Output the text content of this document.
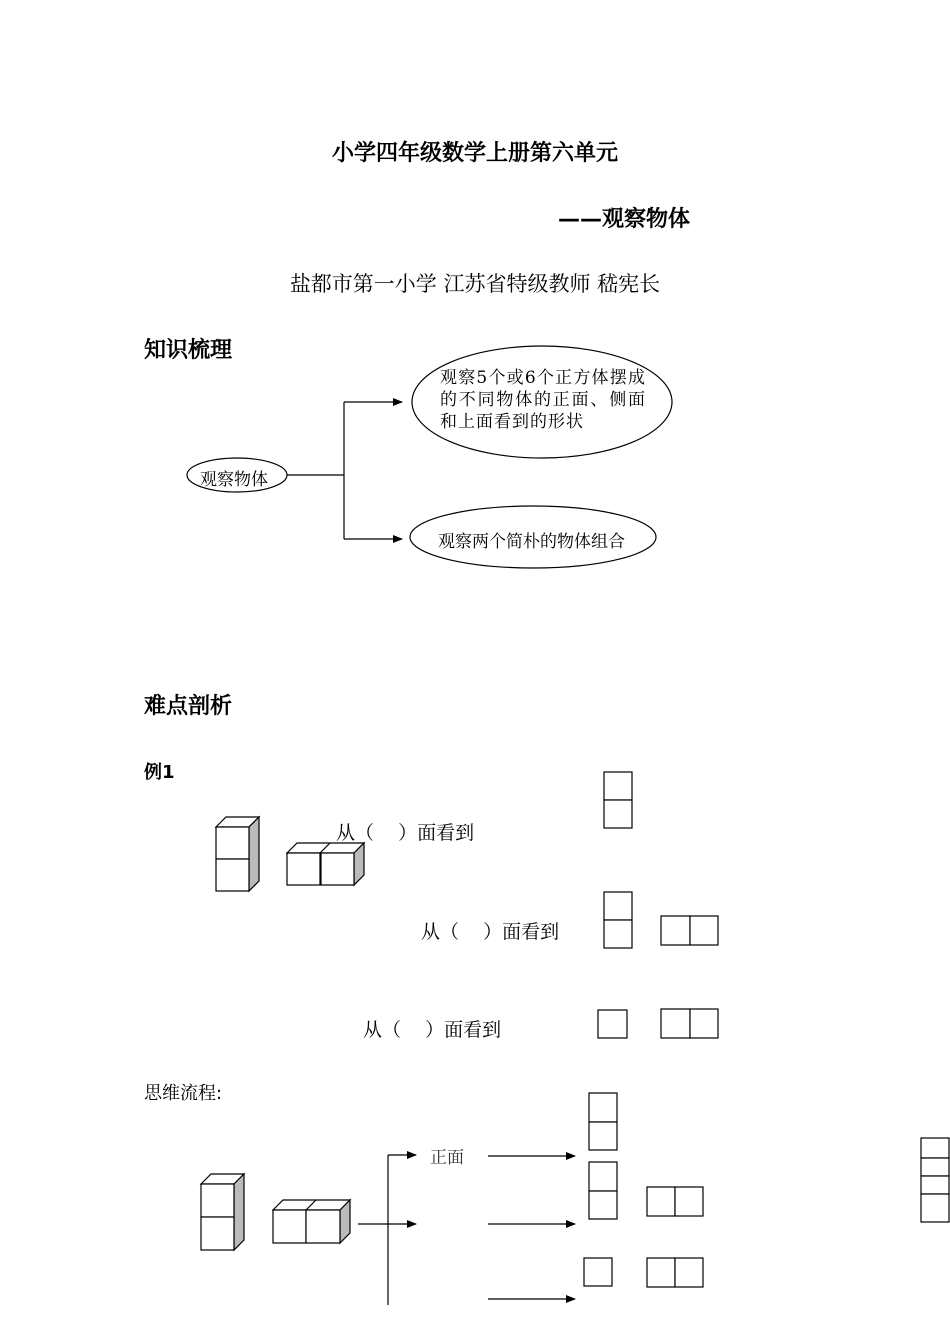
小学四年级数学上册第六单元
——观察物体
盐都市第一小学 江苏省特级教师 嵇宪长
知识梳理
观察物体
观察5个或6个正方体摆成的不同物体的正面、侧面和上面看到的形状
观察两个简朴的物体组合
难点剖析
例1
从（    ）面看到
从（    ）面看到
从（    ）面看到
思维流程:
正面
